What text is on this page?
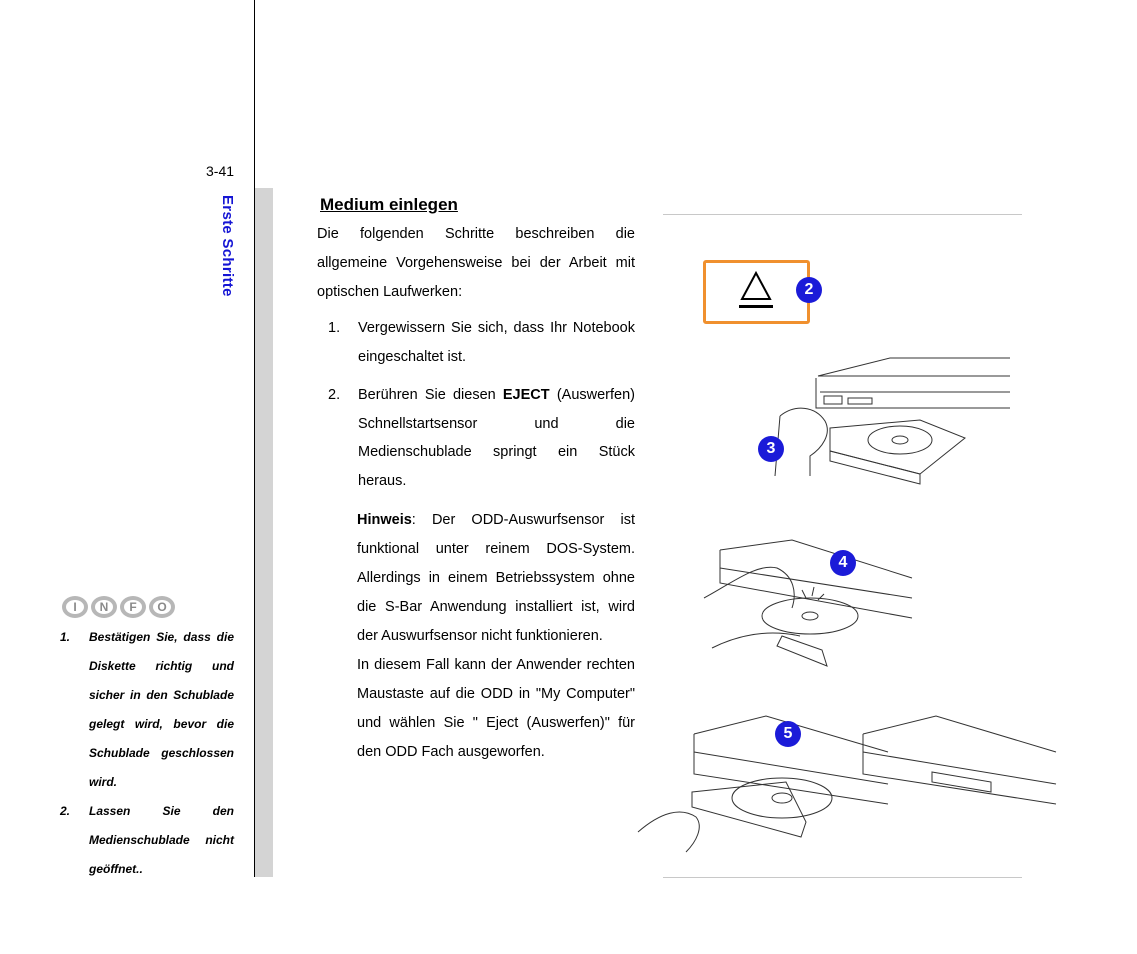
3-41
Erste Schritte
I	N	F	O
1.	Bestätigen Sie, dass die Diskette richtig und sicher in den Schublade gelegt wird, bevor die Schublade geschlossen wird.
2.	Lassen Sie den Medienschublade nicht geöffnet..
Medium einlegen
Die folgenden Schritte beschreiben die allgemeine Vorgehensweise bei der Arbeit mit optischen Laufwerken:
1.	Vergewissern Sie sich, dass Ihr Notebook eingeschaltet ist.
2.	Berühren Sie diesen EJECT (Auswerfen) Schnellstartsensor und die Medienschublade springt ein Stück heraus.
Hinweis: Der ODD-Auswurfsensor ist funktional unter reinem DOS-System. Allerdings in einem Betriebssystem ohne die S-Bar Anwendung installiert ist, wird der Auswurfsensor nicht funktionieren.
In diesem Fall kann der Anwender rechten Maustaste auf die ODD in "My Computer" und wählen Sie " Eject (Auswerfen)" für den ODD Fach ausgeworfen.
2
3
4
5
